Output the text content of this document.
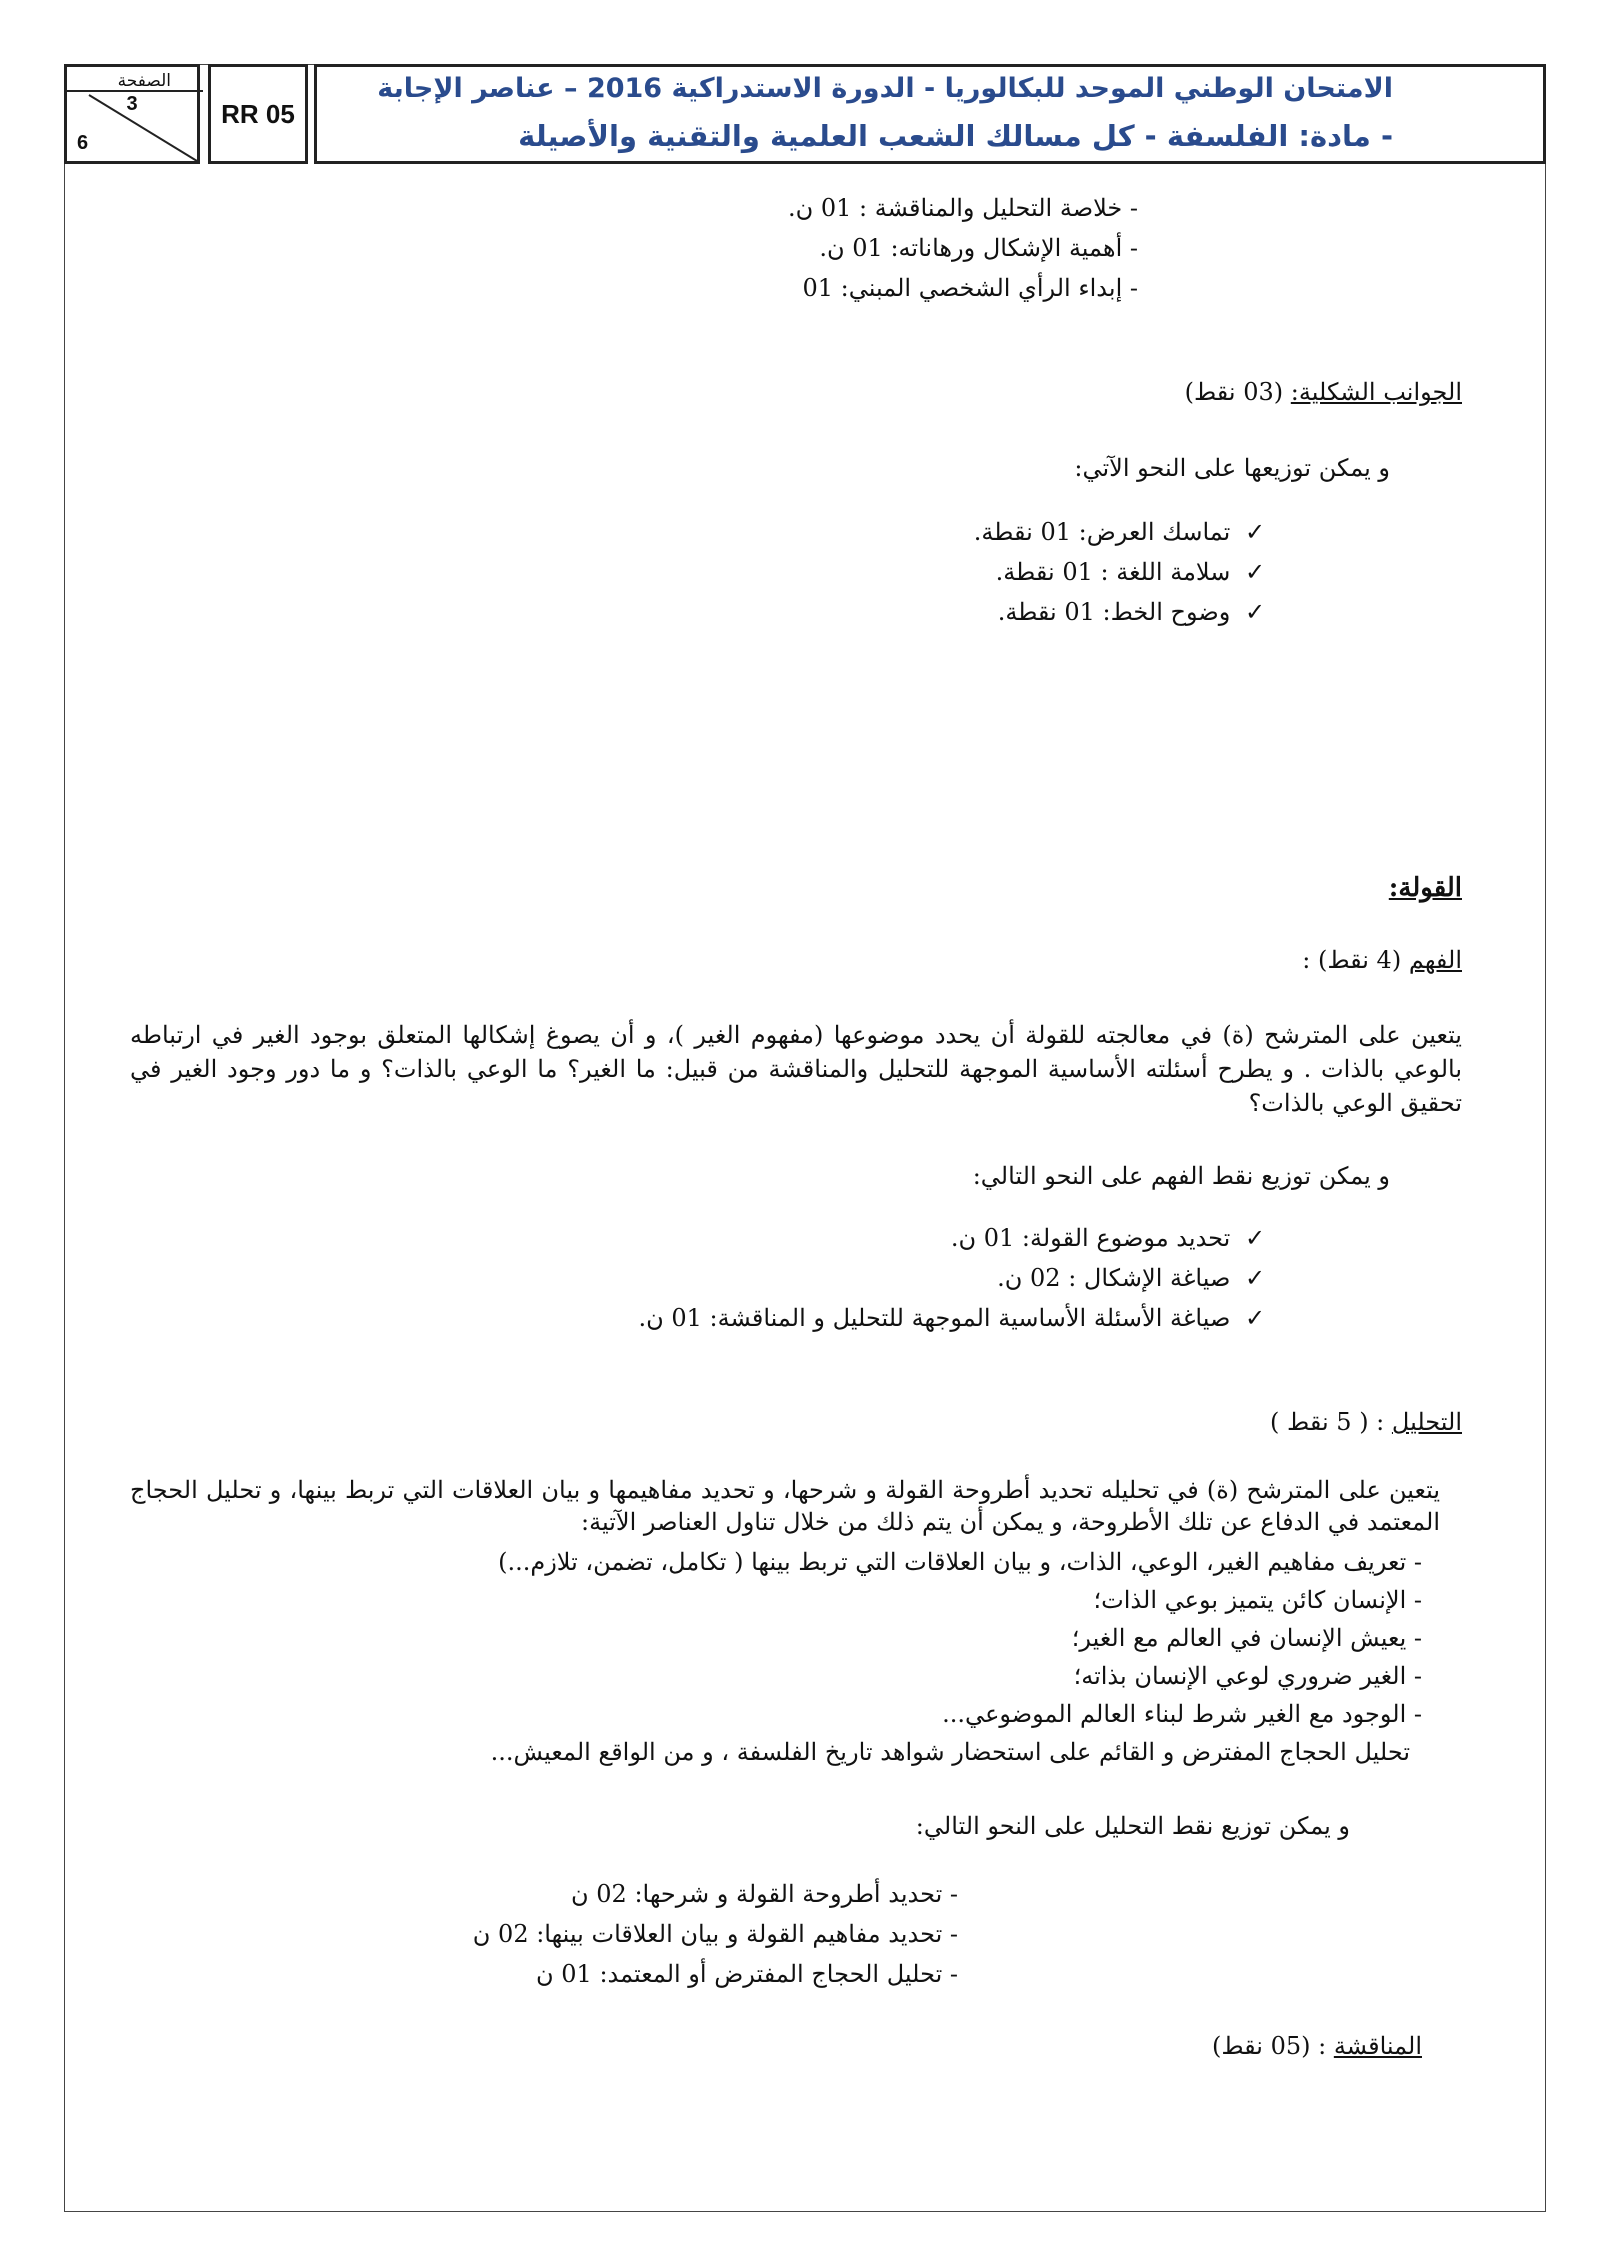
الصفحة
3
6
RR 05
الامتحان الوطني الموحد للبكالوريا - الدورة الاستدراكية 2016 – عناصر الإجابة
- مادة: الفلسفة - كل مسالك الشعب العلمية والتقنية والأصيلة
- خلاصة التحليل والمناقشة : 01 ن.
- أهمية الإشكال ورهاناته: 01 ن.
- إبداء الرأي الشخصي المبني: 01
الجوانب الشكلية: (03 نقط)
و يمكن توزيعها على النحو الآتي:
✓ تماسك العرض: 01 نقطة.
✓ سلامة اللغة : 01 نقطة.
✓ وضوح الخط: 01 نقطة.
القولة:
الفهم (4 نقط) :
يتعين على المترشح (ة) في معالجته للقولة أن يحدد موضوعها (مفهوم الغير )، و أن يصوغ إشكالها المتعلق بوجود الغير في ارتباطه بالوعي بالذات . و يطرح أسئلته الأساسية الموجهة للتحليل والمناقشة من قبيل: ما الغير؟ ما الوعي بالذات؟ و ما دور وجود الغير في تحقيق الوعي بالذات؟
و يمكن توزيع نقط الفهم على النحو التالي:
✓ تحديد موضوع القولة: 01 ن.
✓ صياغة الإشكال : 02 ن.
✓ صياغة الأسئلة الأساسية الموجهة للتحليل و المناقشة: 01 ن.
التحليل : ( 5 نقط )
يتعين على المترشح (ة) في تحليله تحديد أطروحة القولة و شرحها، و تحديد مفاهيمها و بيان العلاقات التي تربط بينها، و تحليل الحجاج المعتمد في الدفاع عن تلك الأطروحة، و يمكن أن يتم ذلك من خلال تناول العناصر الآتية:
- تعريف مفاهيم الغير، الوعي، الذات، و بيان العلاقات التي تربط بينها ( تكامل، تضمن، تلازم...)
- الإنسان كائن يتميز بوعي الذات؛
- يعيش الإنسان في العالم مع الغير؛
- الغير ضروري لوعي الإنسان بذاته؛
- الوجود مع الغير شرط لبناء العالم الموضوعي...
تحليل الحجاج المفترض و القائم على استحضار شواهد تاريخ الفلسفة ، و من الواقع المعيش...
و يمكن توزيع نقط التحليل على النحو التالي:
- تحديد أطروحة القولة و شرحها: 02 ن
- تحديد مفاهيم القولة و بيان العلاقات بينها: 02 ن
- تحليل الحجاج المفترض أو المعتمد: 01 ن
المناقشة : (05 نقط)
